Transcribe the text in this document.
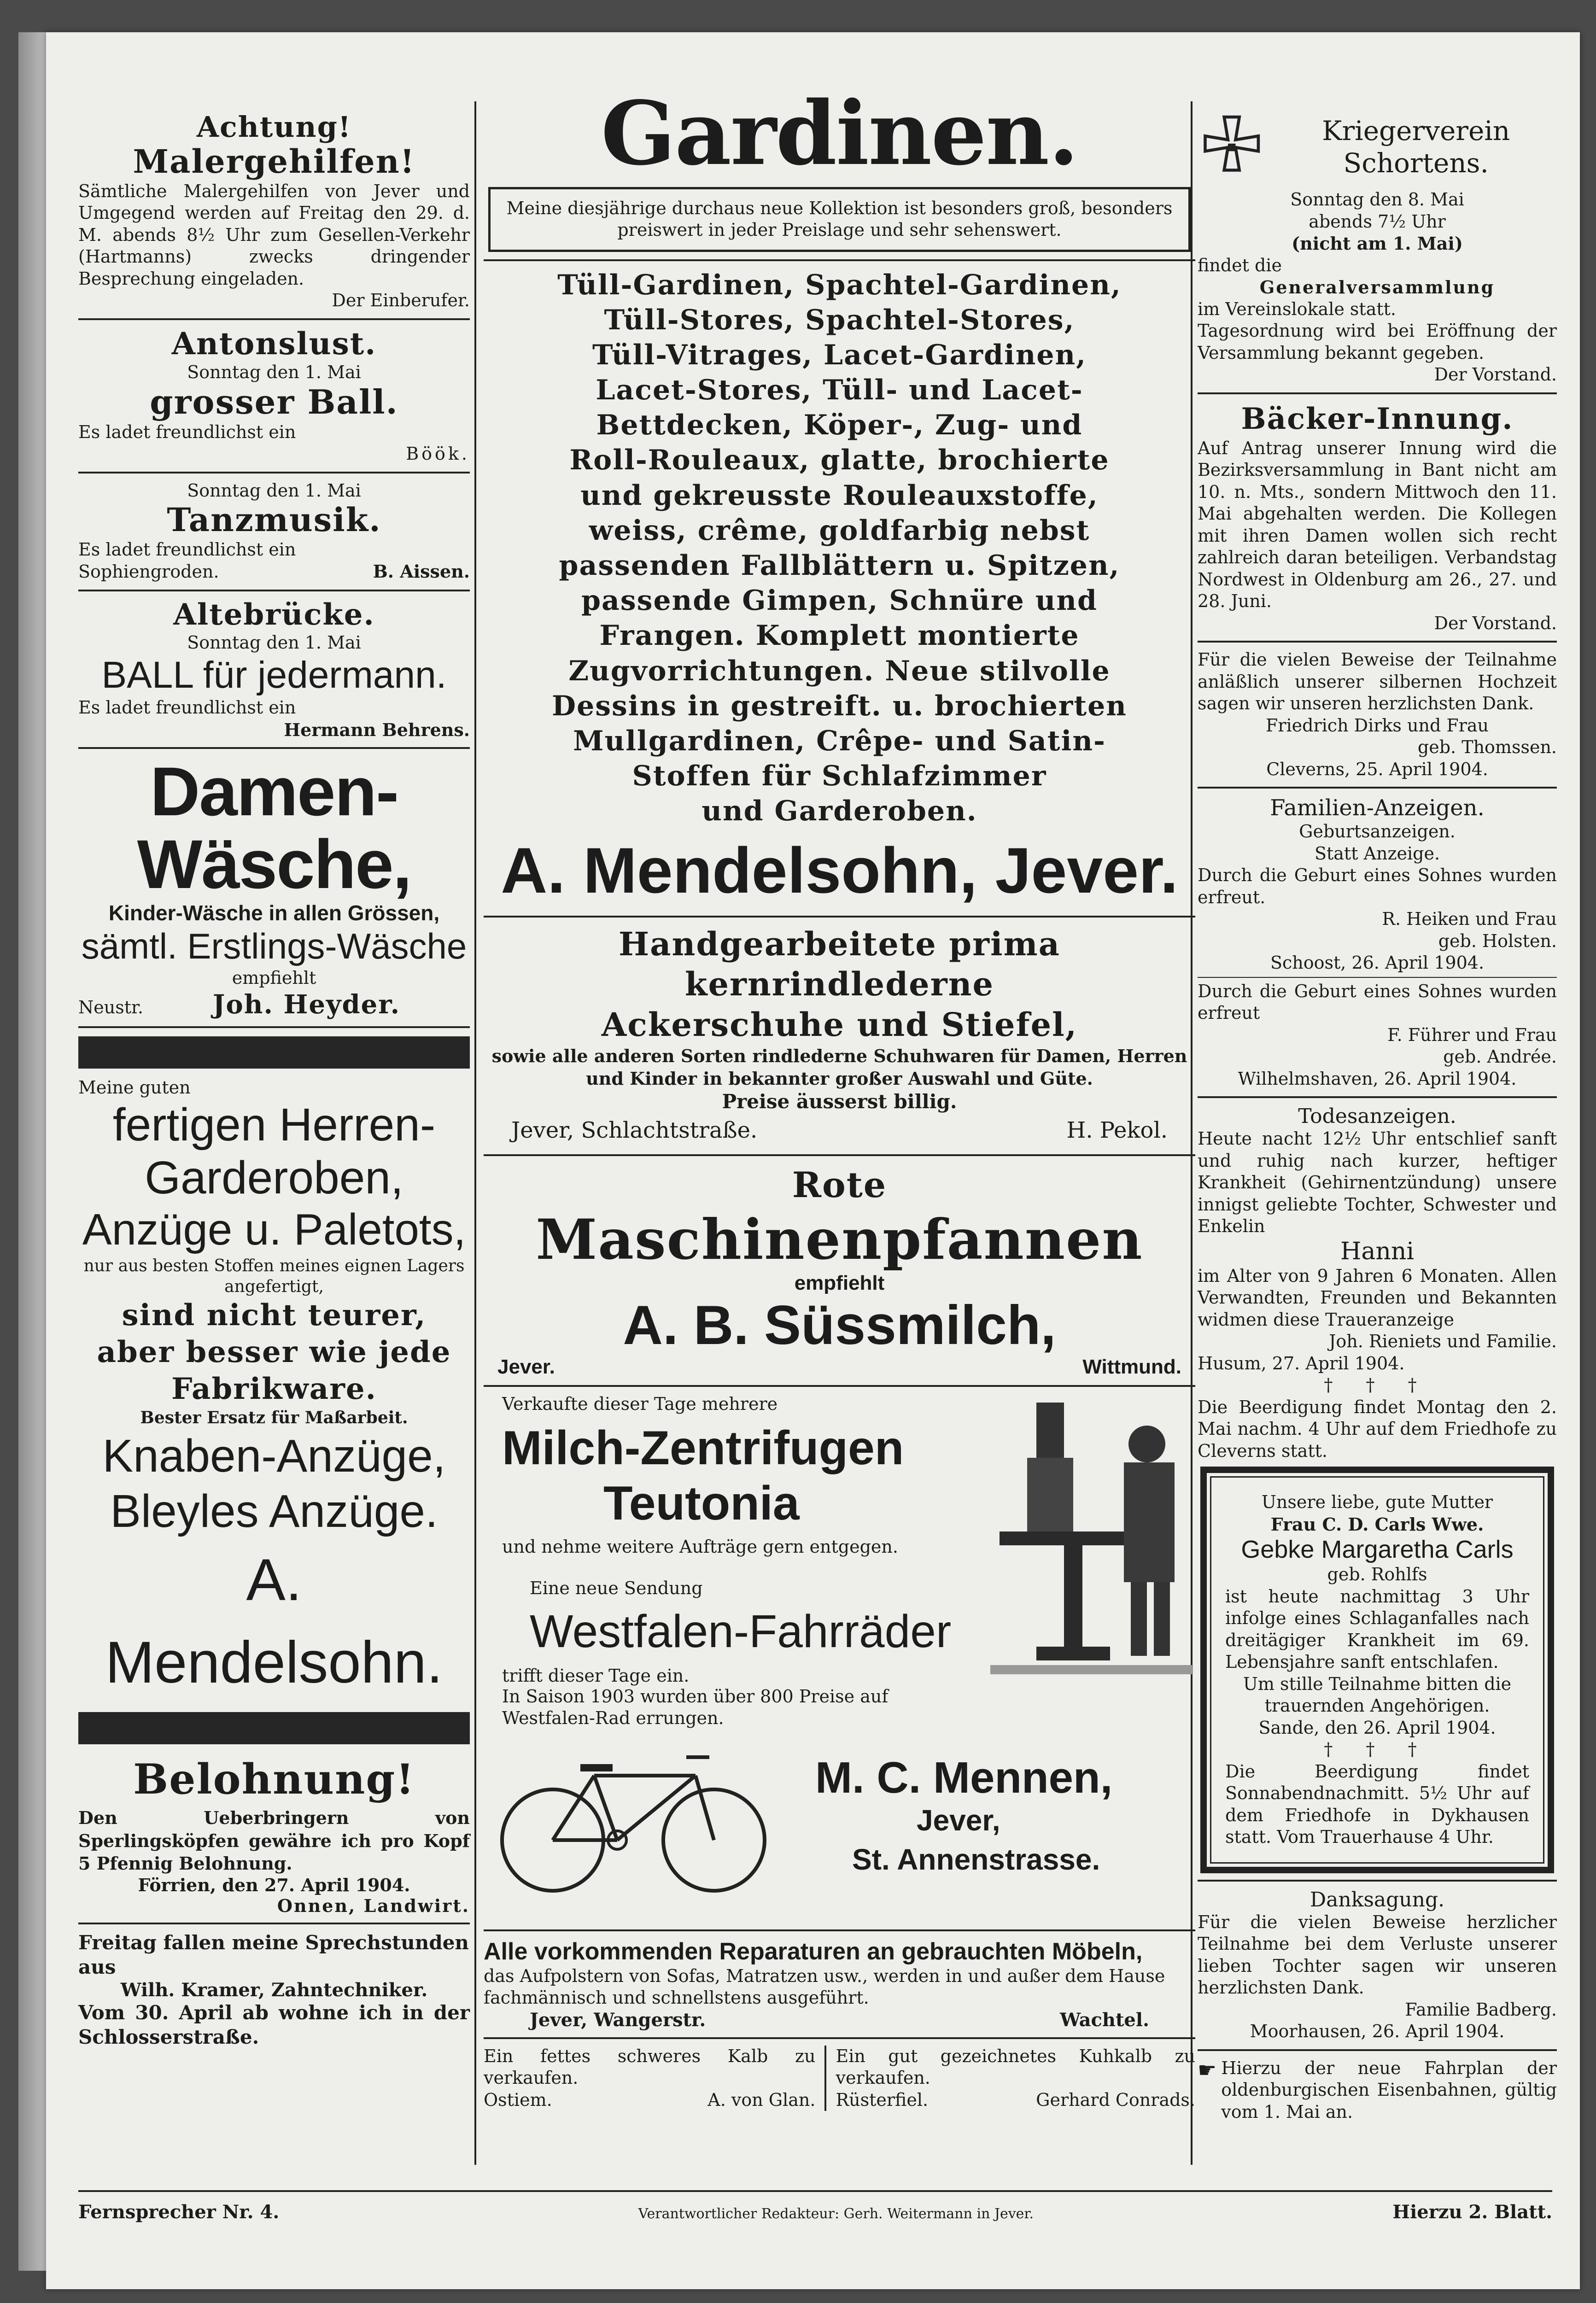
Achtung!

Malergehilfen!

Sämtliche Malergehilfen von Jever und Umgegend werden auf Freitag den 29. d. M. abends 8½ Uhr zum Gesellen-Verkehr (Hartmanns) zwecks dringender Besprechung eingeladen.

Der Einberufer.

Antonslust.

Sonntag den 1. Mai

grosser Ball.

Es ladet freundlichst ein

Böök.

Sonntag den 1. Mai

Tanzmusik.

Es ladet freundlichst ein

Sophiengroden.	B. Aissen.

Altebrücke.

Sonntag den 1. Mai

BALL für jedermann.

Es ladet freundlichst ein

Hermann Behrens.

Damen-Wäsche,

Kinder-Wäsche in allen Grössen,

sämtl. Erstlings-Wäsche

empfiehlt

Neustr.	Joh. Heyder.

Meine guten

fertigen Herren-

Garderoben,

Anzüge u. Paletots,

nur aus besten Stoffen meines eignen Lagers angefertigt,

sind nicht teurer,

aber besser wie jede

Fabrikware.

Bester Ersatz für Maßarbeit.

Knaben-Anzüge,

Bleyles Anzüge.

A. Mendelsohn.

Belohnung!

Den Ueberbringern von Sperlingsköpfen gewähre ich pro Kopf 5 Pfennig Belohnung.

Förrien, den 27. April 1904.

Onnen, Landwirt.

Freitag fallen meine Sprechstunden aus

Wilh. Kramer, Zahntechniker.

Vom 30. April ab wohne ich in der Schlosserstraße.

Gardinen.

Meine diesjährige durchaus neue Kollektion ist besonders groß, besonders preiswert in jeder Preislage und sehr sehenswert.

Tüll-Gardinen, Spachtel-Gardinen,

Tüll-Stores, Spachtel-Stores,

Tüll-Vitrages, Lacet-Gardinen,

Lacet-Stores, Tüll- und Lacet-

Bettdecken, Köper-, Zug- und

Roll-Rouleaux, glatte, brochierte

und gekreusste Rouleauxstoffe,

weiss, crême, goldfarbig nebst

passenden Fallblättern u. Spitzen,

passende Gimpen, Schnüre und

Frangen. Komplett montierte

Zugvorrichtungen. Neue stilvolle

Dessins in gestreift. u. brochierten

Mullgardinen, Crêpe- und Satin-

Stoffen für Schlafzimmer

und Garderoben.

A. Mendelsohn, Jever.

Handgearbeitete prima

kernrindlederne

Ackerschuhe und Stiefel,

sowie alle anderen Sorten rindlederne Schuhwaren für Damen, Herren und Kinder in bekannter großer Auswahl und Güte.

Preise äusserst billig.

Jever, Schlachtstraße.	H. Pekol.

Rote

Maschinenpfannen

empfiehlt

A. B. Süssmilch,

Jever.	Wittmund.

Verkaufte dieser Tage mehrere

Milch-Zentrifugen

Teutonia

und nehme weitere Aufträge gern entgegen.

Eine neue Sendung

Westfalen-Fahrräder

trifft dieser Tage ein.

In Saison 1903 wurden über 800 Preise auf Westfalen-Rad errungen.

M. C. Mennen,

Jever,

St. Annenstrasse.

Alle vorkommenden Reparaturen an gebrauchten Möbeln,

das Aufpolstern von Sofas, Matratzen usw., werden in und außer dem Hause fachmännisch und schnellstens ausgeführt.

Jever, Wangerstr.	Wachtel.

Ein fettes schweres Kalb zu verkaufen.

Ostiem.	A. von Glan.

Ein gut gezeichnetes Kuhkalb zu verkaufen.

Rüsterfiel.	Gerhard Conrads.

Kriegerverein Schortens.

Sonntag den 8. Mai

abends 7½ Uhr

(nicht am 1. Mai)

findet die

Generalversammlung

im Vereinslokale statt.

Tagesordnung wird bei Eröffnung der Versammlung bekannt gegeben.

Der Vorstand.

Bäcker-Innung.

Auf Antrag unserer Innung wird die Bezirksversammlung in Bant nicht am 10. n. Mts., sondern Mittwoch den 11. Mai abgehalten werden. Die Kollegen mit ihren Damen wollen sich recht zahlreich daran beteiligen. Verbandstag Nordwest in Oldenburg am 26., 27. und 28. Juni.

Der Vorstand.

Für die vielen Beweise der Teilnahme anläßlich unserer silbernen Hochzeit sagen wir unseren herzlichsten Dank.

Friedrich Dirks und Frau

geb. Thomssen.

Cleverns, 25. April 1904.

Familien-Anzeigen.

Geburtsanzeigen.

Statt Anzeige.

Durch die Geburt eines Sohnes wurden erfreut.

R. Heiken und Frau

geb. Holsten.

Schoost, 26. April 1904.

Durch die Geburt eines Sohnes wurden erfreut

F. Führer und Frau

geb. Andrée.

Wilhelmshaven, 26. April 1904.

Todesanzeigen.

Heute nacht 12½ Uhr entschlief sanft und ruhig nach kurzer, heftiger Krankheit (Gehirnentzündung) unsere innigst geliebte Tochter, Schwester und Enkelin

Hanni

im Alter von 9 Jahren 6 Monaten. Allen Verwandten, Freunden und Bekannten widmen diese Traueranzeige

Joh. Rieniets und Familie.

Husum, 27. April 1904.

† † †

Die Beerdigung findet Montag den 2. Mai nachm. 4 Uhr auf dem Friedhofe zu Cleverns statt.

Unsere liebe, gute Mutter

Frau C. D. Carls Wwe.

Gebke Margaretha Carls

geb. Rohlfs

ist heute nachmittag 3 Uhr infolge eines Schlaganfalles nach dreitägiger Krankheit im 69. Lebensjahre sanft entschlafen.

Um stille Teilnahme bitten die trauernden Angehörigen.

Sande, den 26. April 1904.

† † †

Die Beerdigung findet Sonnabendnachmitt. 5½ Uhr auf dem Friedhofe in Dykhausen statt. Vom Trauerhause 4 Uhr.

Danksagung.

Für die vielen Beweise herzlicher Teilnahme bei dem Verluste unserer lieben Tochter sagen wir unseren herzlichsten Dank.

Familie Badberg.

Moorhausen, 26. April 1904.

☛ Hierzu der neue Fahrplan der oldenburgischen Eisenbahnen, gültig vom 1. Mai an.

Fernsprecher Nr. 4.	Verantwortlicher Redakteur: Gerh. Weitermann in Jever.	Hierzu 2. Blatt.
